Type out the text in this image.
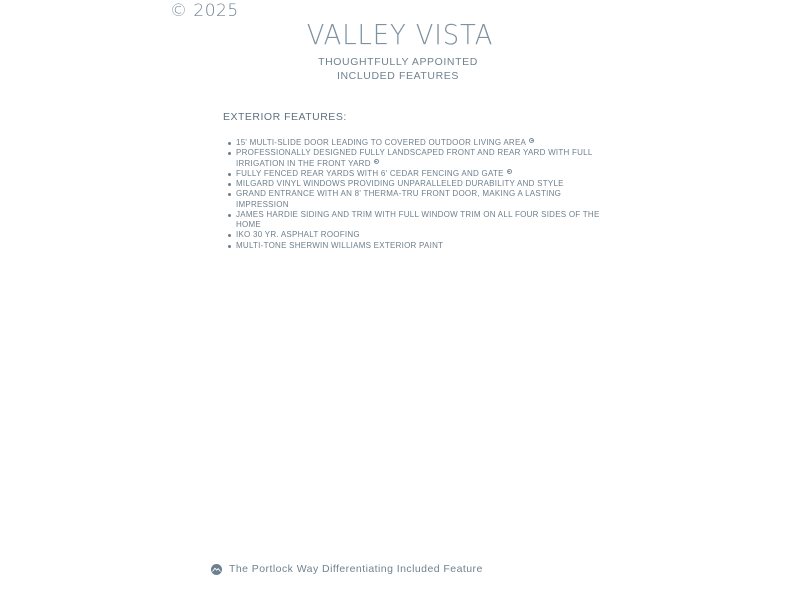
© 2025
VALLEY VISTA
THOUGHTFULLY APPOINTED
INCLUDED FEATURES
EXTERIOR FEATURES:
15' MULTI-SLIDE DOOR LEADING TO COVERED OUTDOOR LIVING AREA
PROFESSIONALLY DESIGNED FULLY LANDSCAPED FRONT AND REAR YARD WITH FULL IRRIGATION IN THE FRONT YARD
FULLY FENCED REAR YARDS WITH 6' CEDAR FENCING AND GATE
MILGARD VINYL WINDOWS PROVIDING UNPARALLELED DURABILITY AND STYLE
GRAND ENTRANCE WITH AN 8' THERMA-TRU FRONT DOOR, MAKING A LASTING IMPRESSION
JAMES HARDIE SIDING AND TRIM WITH FULL WINDOW TRIM ON ALL FOUR SIDES OF THE HOME
IKO 30 YR. ASPHALT ROOFING
MULTI-TONE SHERWIN WILLIAMS EXTERIOR PAINT
The Portlock Way Differentiating Included Feature
